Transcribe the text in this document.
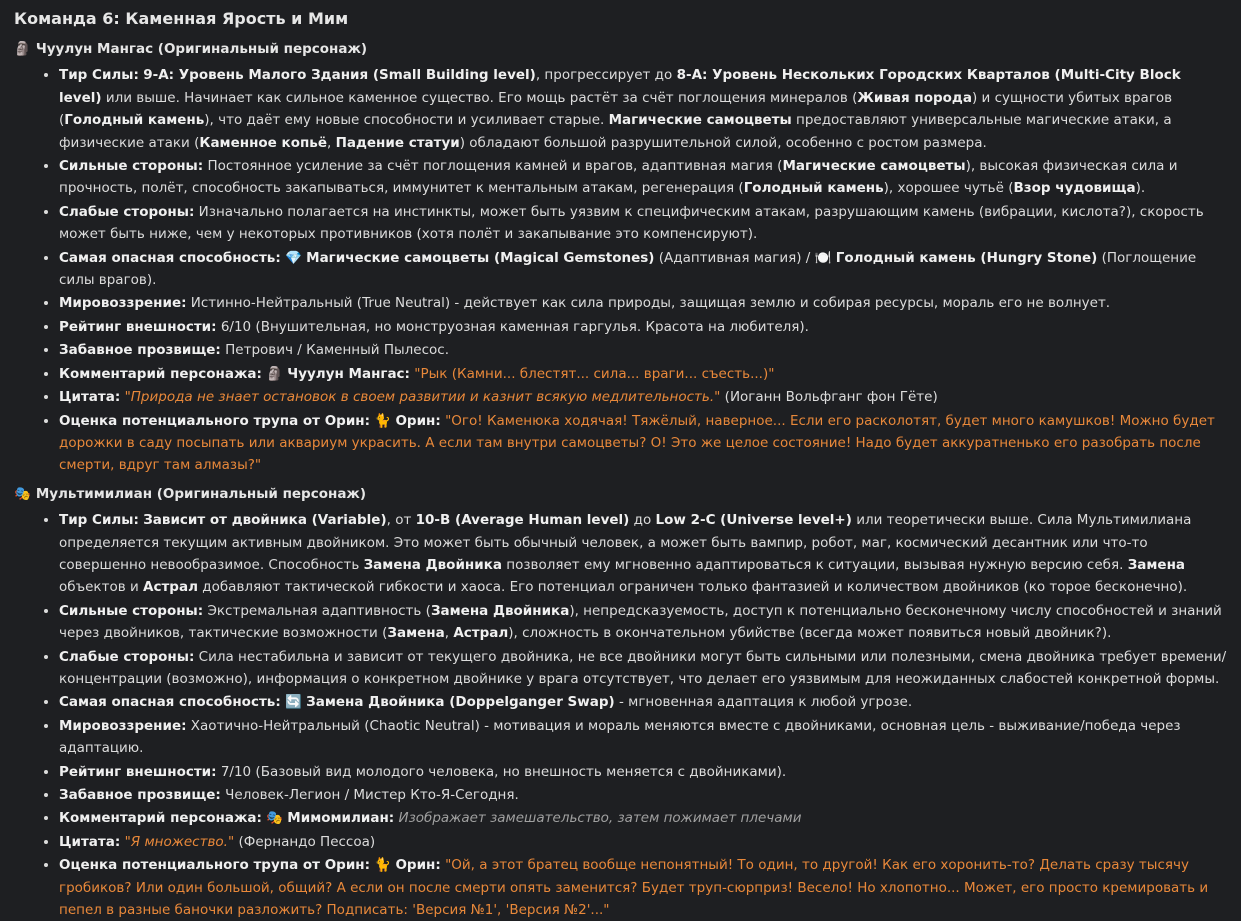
Команда 6: Каменная Ярость и Мим
🗿 Чуулун Мангас (Оригинальный персонаж)
• Тир Силы: 9-А: Уровень Малого Здания (Small Building level), прогрессирует до 8-А: Уровень Нескольких Городских Кварталов (Multi-City Block level) или выше. Начинает как сильное каменное существо. Его мощь растёт за счёт поглощения минералов (Живая порода) и сущности убитых врагов (Голодный камень), что даёт ему новые способности и усиливает старые. Магические самоцветы предоставляют универсальные магические атаки, а физические атаки (Каменное копьё, Падение статуи) обладают большой разрушительной силой, особенно с ростом размера.
• Сильные стороны: Постоянное усиление за счёт поглощения камней и врагов, адаптивная магия (Магические самоцветы), высокая физическая сила и прочность, полёт, способность закапываться, иммунитет к ментальным атакам, регенерация (Голодный камень), хорошее чутьё (Взор чудовища).
• Слабые стороны: Изначально полагается на инстинкты, может быть уязвим к специфическим атакам, разрушающим камень (вибрации, кислота?), скорость может быть ниже, чем у некоторых противников (хотя полёт и закапывание это компенсируют).
• Самая опасная способность: 💎 Магические самоцветы (Magical Gemstones) (Адаптивная магия) / 🍽️ Голодный камень (Hungry Stone) (Поглощение силы врагов).
• Мировоззрение: Истинно-Нейтральный (True Neutral) - действует как сила природы, защищая землю и собирая ресурсы, мораль его не волнует.
• Рейтинг внешности: 6/10 (Внушительная, но монструозная каменная гаргулья. Красота на любителя).
• Забавное прозвище: Петрович / Каменный Пылесос.
• Комментарий персонажа: 🗿 Чуулун Мангас: "Рык (Камни... блестят... сила... враги... съесть...)"
• Цитата: "Природа не знает остановок в своем развитии и казнит всякую медлительность." (Иоганн Вольфганг фон Гёте)
• Оценка потенциального трупа от Орин: 🐈 Орин: "Ого! Каменюка ходячая! Тяжёлый, наверное... Если его расколотят, будет много камушков! Можно будет дорожки в саду посыпать или аквариум украсить. А если там внутри самоцветы? О! Это же целое состояние! Надо будет аккуратненько его разобрать после смерти, вдруг там алмазы?"
🎭 Мультимилиан (Оригинальный персонаж)
• Тир Силы: Зависит от двойника (Variable), от 10-В (Average Human level) до Low 2-C (Universe level+) или теоретически выше. Сила Мультимилиана определяется текущим активным двойником. Это может быть обычный человек, а может быть вампир, робот, маг, космический десантник или что-то совершенно невообразимое. Способность Замена Двойника позволяет ему мгновенно адаптироваться к ситуации, вызывая нужную версию себя. Замена объектов и Астрал добавляют тактической гибкости и хаоса. Его потенциал ограничен только фантазией и количеством двойников (ко торое бесконечно).
• Сильные стороны: Экстремальная адаптивность (Замена Двойника), непредсказуемость, доступ к потенциально бесконечному числу способностей и знаний через двойников, тактические возможности (Замена, Астрал), сложность в окончательном убийстве (всегда может появиться новый двойник?).
• Слабые стороны: Сила нестабильна и зависит от текущего двойника, не все двойники могут быть сильными или полезными, смена двойника требует времени/концентрации (возможно), информация о конкретном двойнике у врага отсутствует, что делает его уязвимым для неожиданных слабостей конкретной формы.
• Самая опасная способность: 🔄 Замена Двойника (Doppelganger Swap) - мгновенная адаптация к любой угрозе.
• Мировоззрение: Хаотично-Нейтральный (Chaotic Neutral) - мотивация и мораль меняются вместе с двойниками, основная цель - выживание/победа через адаптацию.
• Рейтинг внешности: 7/10 (Базовый вид молодого человека, но внешность меняется с двойниками).
• Забавное прозвище: Человек-Легион / Мистер Кто-Я-Сегодня.
• Комментарий персонажа: 🎭 Мимомилиан: Изображает замешательство, затем пожимает плечами
• Цитата: "Я множество." (Фернандо Пессоа)
• Оценка потенциального трупа от Орин: 🐈 Орин: "Ой, а этот братец вообще непонятный! То один, то другой! Как его хоронить-то? Делать сразу тысячу гробиков? Или один большой, общий? А если он после смерти опять заменится? Будет труп-сюрприз! Весело! Но хлопотно... Может, его просто кремировать и пепел в разные баночки разложить? Подписать: 'Версия №1', 'Версия №2'..."
